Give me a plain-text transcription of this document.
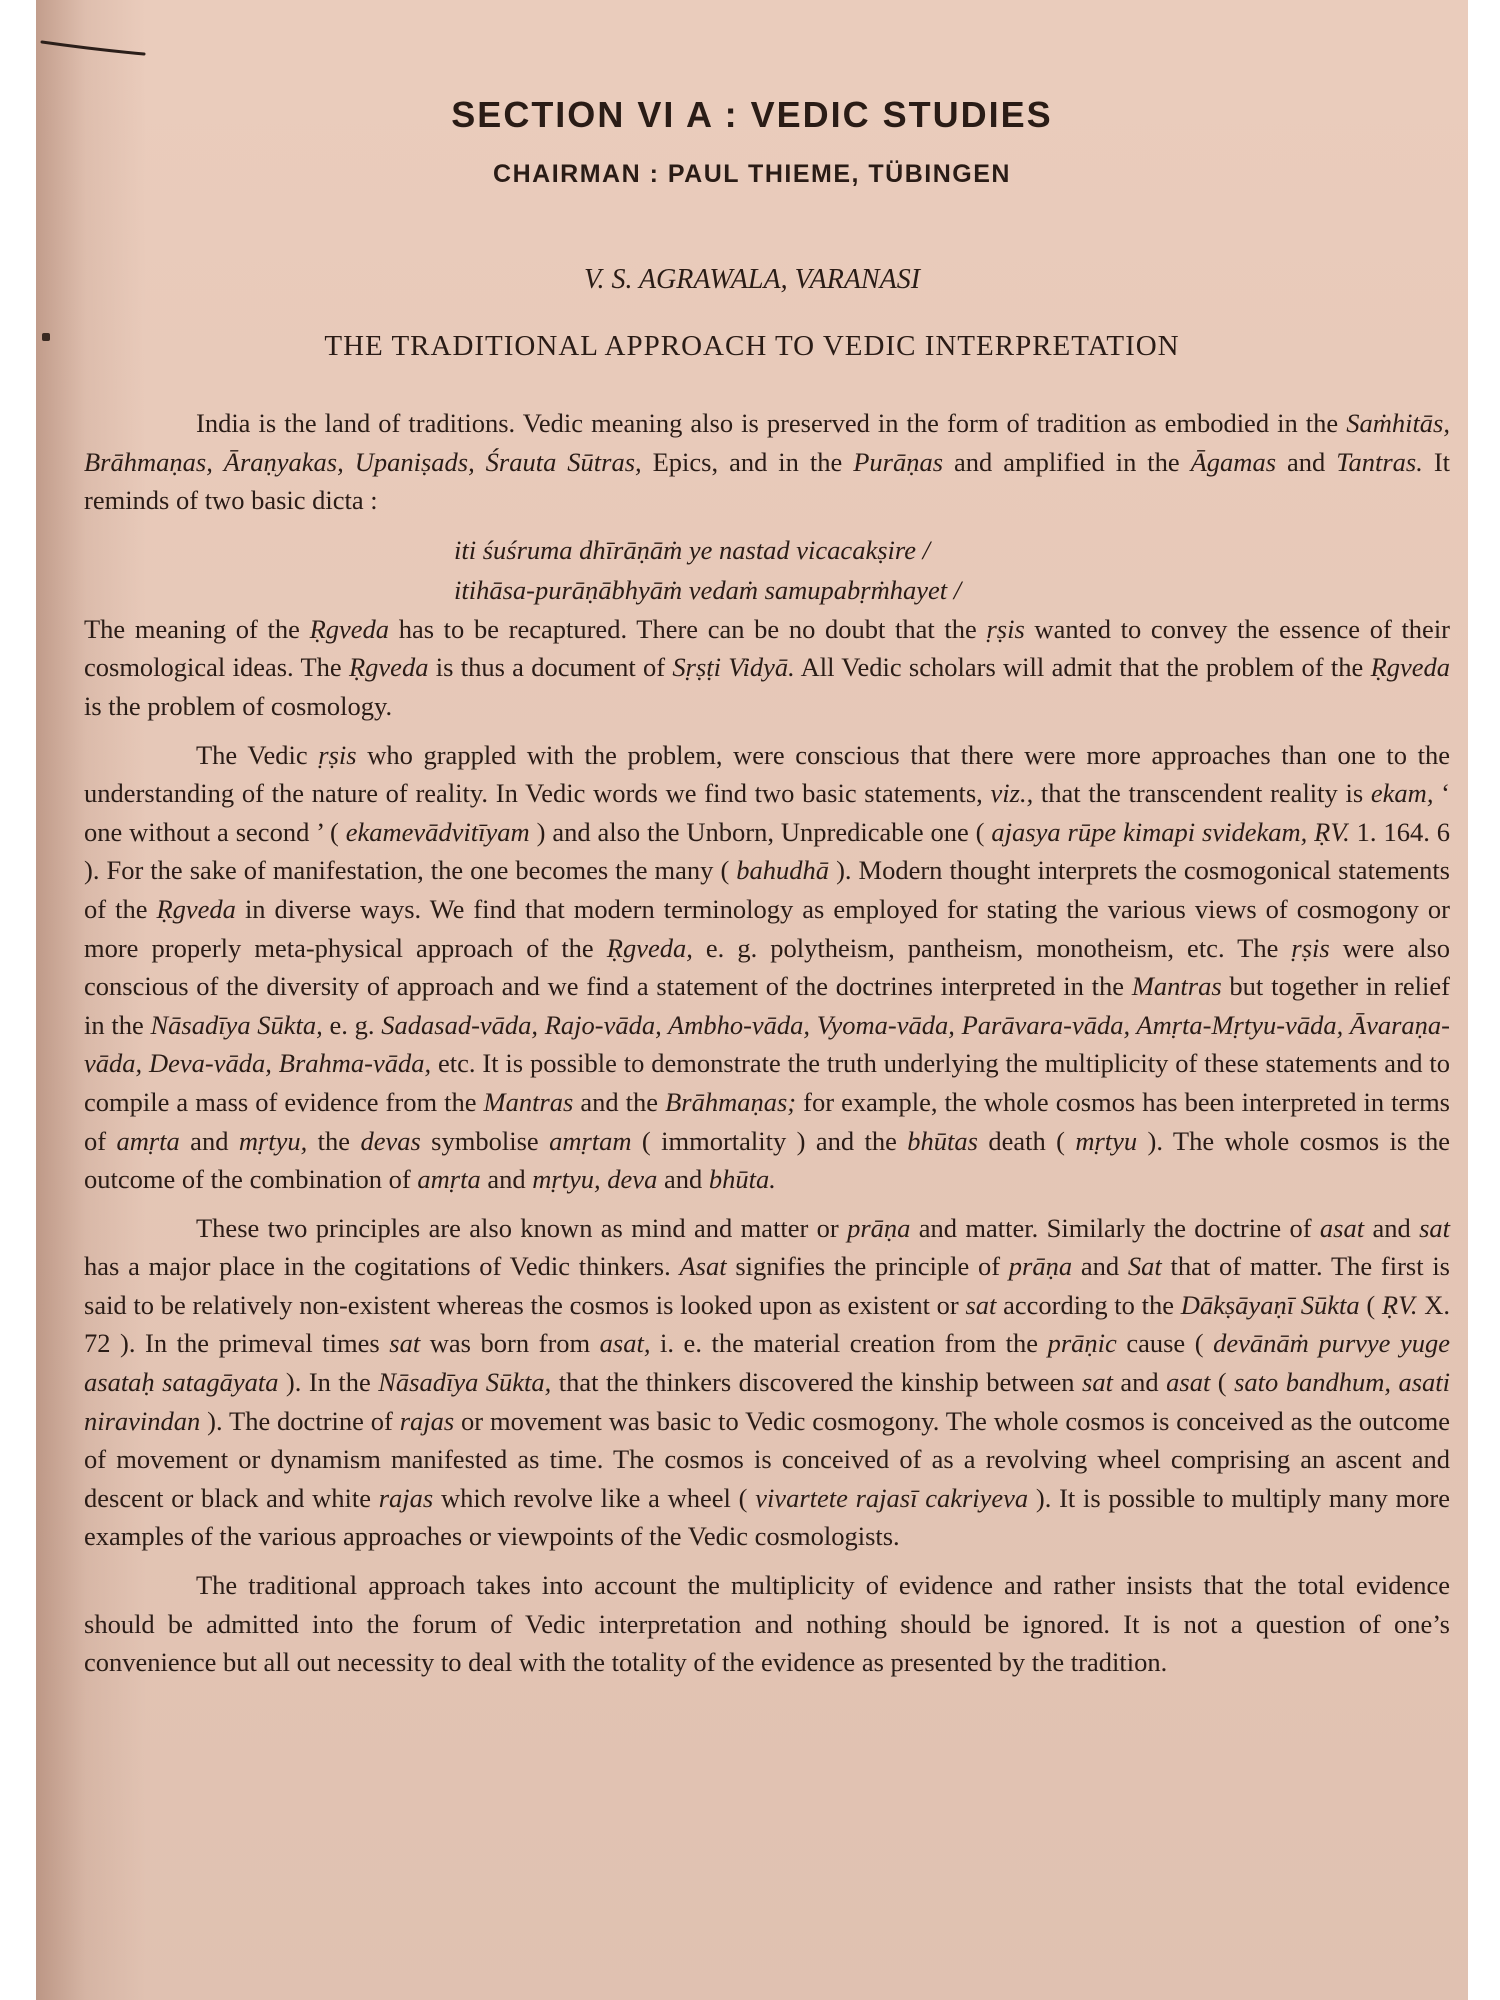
SECTION VI A : VEDIC STUDIES
CHAIRMAN : PAUL THIEME, TÜBINGEN
V. S. AGRAWALA, VARANASI
THE TRADITIONAL APPROACH TO VEDIC INTERPRETATION

India is the land of traditions. Vedic meaning also is preserved in the form of tradition as embodied in the Saṁhitās, Brāhmaṇas, Āraṇyakas, Upaniṣads, Śrauta Sūtras, Epics, and in the Purāṇas and amplified in the Āgamas and Tantras. It reminds of two basic dicta :

iti śuśruma dhīrāṇāṁ ye nastad vicacakṣire /
itihāsa-purāṇābhyāṁ vedaṁ samupabṛṁhayet /

The meaning of the Ṛgveda has to be recaptured. There can be no doubt that the ṛṣis wanted to convey the essence of their cosmological ideas. The Ṛgveda is thus a document of Sṛṣṭi Vidyā. All Vedic scholars will admit that the problem of the Ṛgveda is the problem of cosmology.

The Vedic ṛṣis who grappled with the problem, were conscious that there were more approaches than one to the understanding of the nature of reality. In Vedic words we find two basic statements, viz., that the transcendent reality is ekam, ‘ one without a second ’ ( ekamevādvitīyam ) and also the Unborn, Unpredicable one ( ajasya rūpe kimapi svidekam, ṚV. 1. 164. 6 ). For the sake of manifestation, the one becomes the many ( bahudhā ). Modern thought interprets the cosmogonical statements of the Ṛgveda in diverse ways. We find that modern terminology as employed for stating the various views of cosmogony or more properly meta-physical approach of the Ṛgveda, e. g. polytheism, pantheism, monotheism, etc. The ṛṣis were also conscious of the diversity of approach and we find a statement of the doctrines interpreted in the Mantras but together in relief in the Nāsadīya Sūkta, e. g. Sadasad-vāda, Rajo-vāda, Ambho-vāda, Vyoma-vāda, Parāvara-vāda, Amṛta-Mṛtyu-vāda, Āvaraṇa-vāda, Deva-vāda, Brahma-vāda, etc. It is possible to demonstrate the truth underlying the multiplicity of these statements and to compile a mass of evidence from the Mantras and the Brāhmaṇas; for example, the whole cosmos has been interpreted in terms of amṛta and mṛtyu, the devas symbolise amṛtam ( immortality ) and the bhūtas death ( mṛtyu ). The whole cosmos is the outcome of the combination of amṛta and mṛtyu, deva and bhūta.

These two principles are also known as mind and matter or prāṇa and matter. Similarly the doctrine of asat and sat has a major place in the cogitations of Vedic thinkers. Asat signifies the principle of prāṇa and Sat that of matter. The first is said to be relatively non-existent whereas the cosmos is looked upon as existent or sat according to the Dākṣāyaṇī Sūkta ( ṚV. X. 72 ). In the primeval times sat was born from asat, i. e. the material creation from the prāṇic cause ( devānāṁ purvye yuge asataḥ satagāyata ). In the Nāsadīya Sūkta, that the thinkers discovered the kinship between sat and asat ( sato bandhum, asati niravindan ). The doctrine of rajas or movement was basic to Vedic cosmogony. The whole cosmos is conceived as the outcome of movement or dynamism manifested as time. The cosmos is conceived of as a revolving wheel comprising an ascent and descent or black and white rajas which revolve like a wheel ( vivartete rajasī cakriyeva ). It is possible to multiply many more examples of the various approaches or viewpoints of the Vedic cosmologists.

The traditional approach takes into account the multiplicity of evidence and rather insists that the total evidence should be admitted into the forum of Vedic interpretation and nothing should be ignored. It is not a question of one’s convenience but all out necessity to deal with the totality of the evidence as presented by the tradition.
